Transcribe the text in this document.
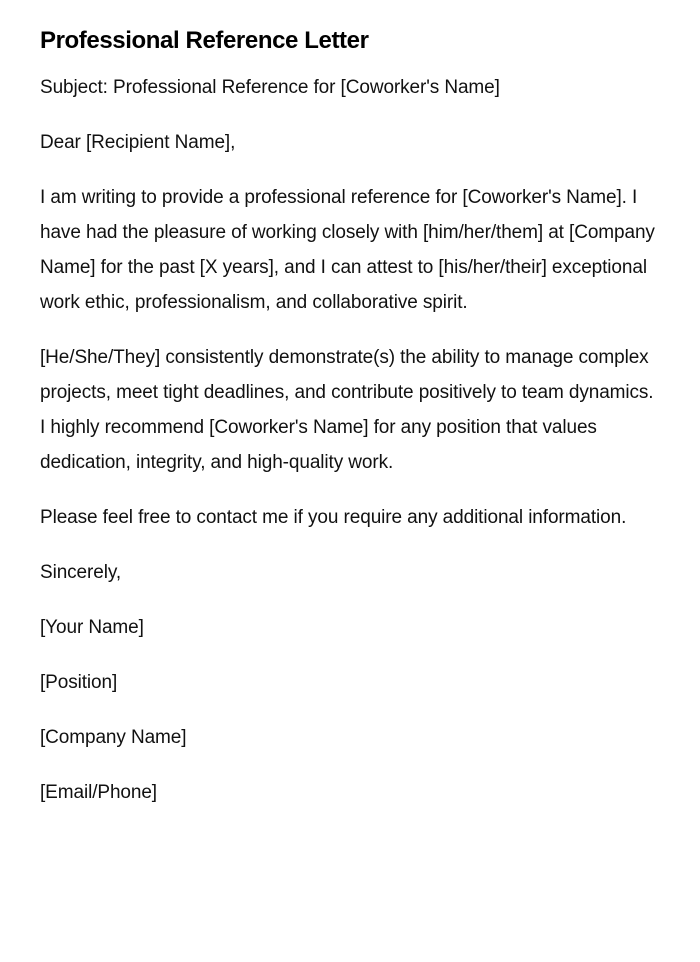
Professional Reference Letter

Subject: Professional Reference for [Coworker's Name]

Dear [Recipient Name],

I am writing to provide a professional reference for [Coworker's Name]. I have had the pleasure of working closely with [him/her/them] at [Company Name] for the past [X years], and I can attest to [his/her/their] exceptional work ethic, professionalism, and collaborative spirit.

[He/She/They] consistently demonstrate(s) the ability to manage complex projects, meet tight deadlines, and contribute positively to team dynamics. I highly recommend [Coworker's Name] for any position that values dedication, integrity, and high-quality work.

Please feel free to contact me if you require any additional information.

Sincerely,

[Your Name]

[Position]

[Company Name]

[Email/Phone]
